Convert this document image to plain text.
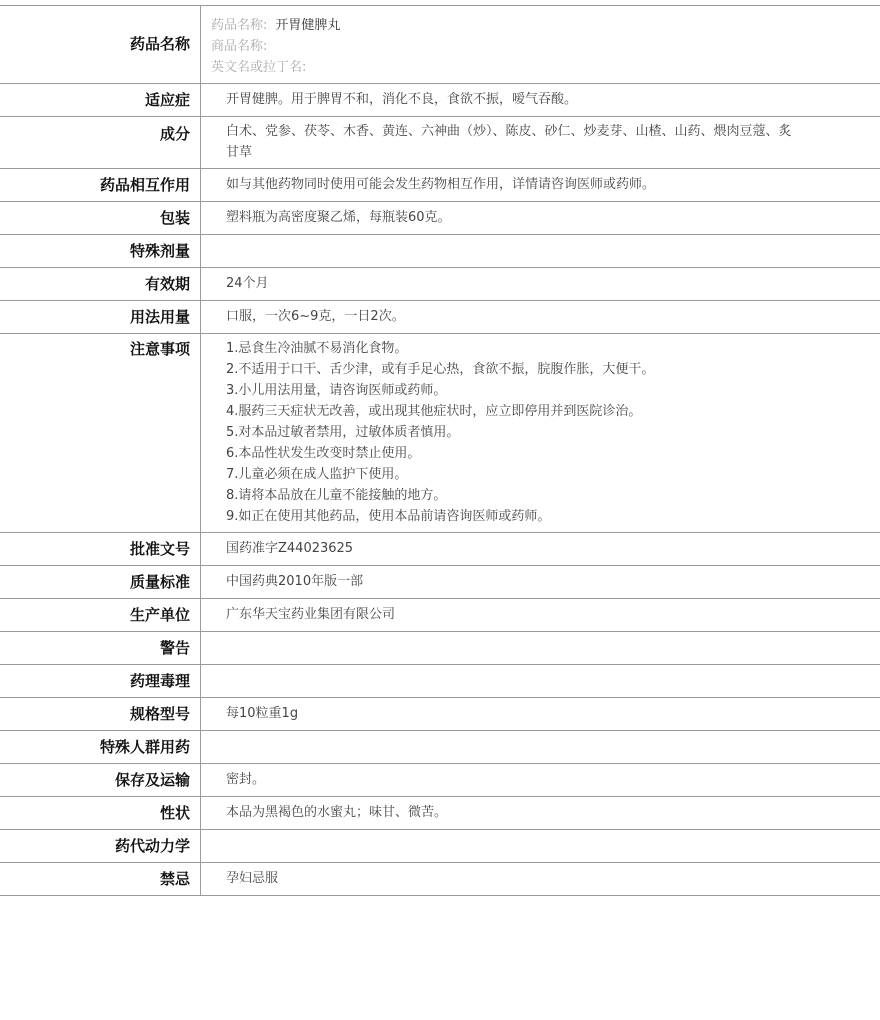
药品名称
药品名称: 开胃健脾丸
商品名称:
英文名或拉丁名:
适应症	开胃健脾。用于脾胃不和，消化不良，食欲不振，嗳气吞酸。
成分	白术、党参、茯苓、木香、黄连、六神曲（炒）、陈皮、砂仁、炒麦芽、山楂、山药、煨肉豆蔻、炙甘草
药品相互作用	如与其他药物同时使用可能会发生药物相互作用，详情请咨询医师或药师。
包装	塑料瓶为高密度聚乙烯，每瓶装60克。
特殊剂量
有效期	24个月
用法用量	口服，一次6~9克，一日2次。
注意事项	1.忌食生冷油腻不易消化食物。
2.不适用于口干、舌少津，或有手足心热，食欲不振，脘腹作胀，大便干。
3.小儿用法用量，请咨询医师或药师。
4.服药三天症状无改善，或出现其他症状时，应立即停用并到医院诊治。
5.对本品过敏者禁用，过敏体质者慎用。
6.本品性状发生改变时禁止使用。
7.儿童必须在成人监护下使用。
8.请将本品放在儿童不能接触的地方。
9.如正在使用其他药品，使用本品前请咨询医师或药师。
批准文号	国药准字Z44023625
质量标准	中国药典2010年版一部
生产单位	广东华天宝药业集团有限公司
警告
药理毒理
规格型号	每10粒重1g
特殊人群用药
保存及运输	密封。
性状	本品为黑褐色的水蜜丸；味甘、微苦。
药代动力学
禁忌	孕妇忌服
